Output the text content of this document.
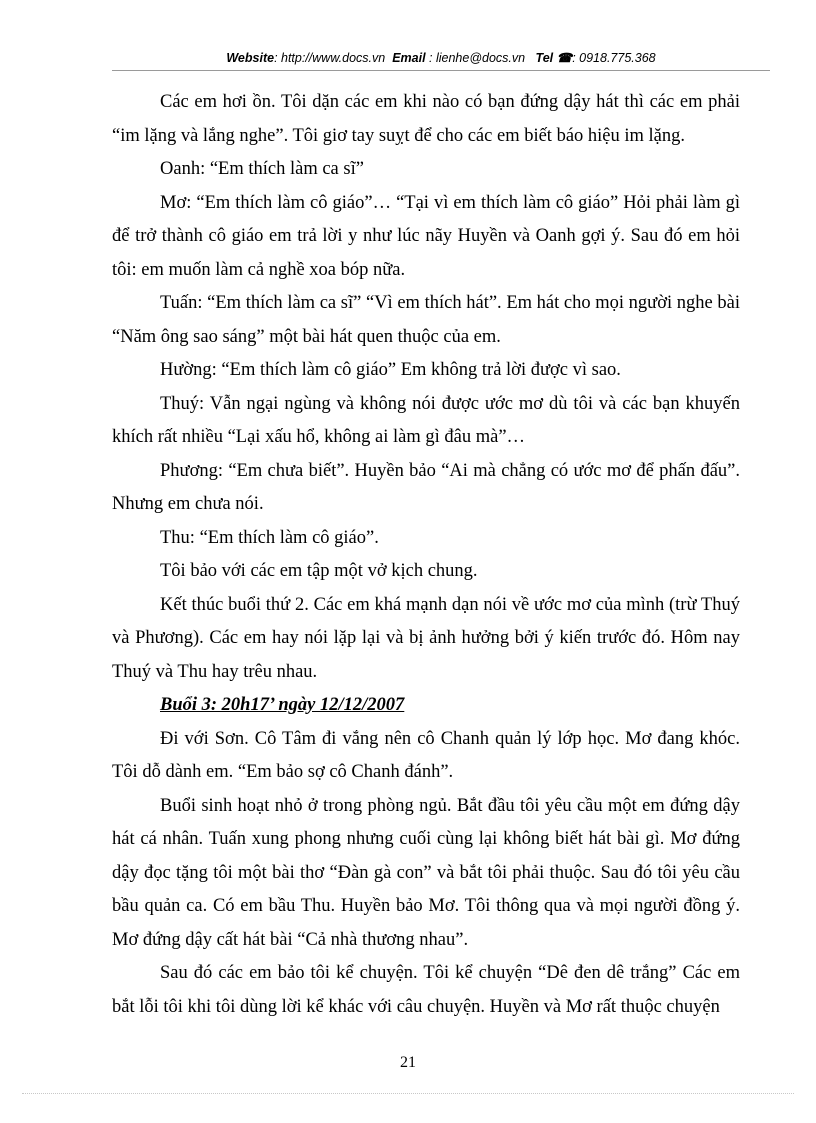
Website: http://www.docs.vn Email : lienhe@docs.vn Tel ☎: 0918.775.368

Các em hơi ồn. Tôi dặn các em khi nào có bạn đứng dậy hát thì các em phải “im lặng và lắng nghe”. Tôi giơ tay suỵt để cho các em biết báo hiệu im lặng.

Oanh: “Em thích làm ca sĩ”

Mơ: “Em thích làm cô giáo”… “Tại vì em thích làm cô giáo” Hỏi phải làm gì để trở thành cô giáo em trả lời y như lúc nãy Huyền và Oanh gợi ý. Sau đó em hỏi tôi: em muốn làm cả nghề xoa bóp nữa.

Tuấn: “Em thích làm ca sĩ” “Vì em thích hát”. Em hát cho mọi người nghe bài “Năm ông sao sáng” một bài hát quen thuộc của em.

Hường: “Em thích làm cô giáo” Em không trả lời được vì sao.

Thuý: Vẫn ngại ngùng và không nói được ước mơ dù tôi và các bạn khuyến khích rất nhiều “Lại xấu hổ, không ai làm gì đâu mà”…

Phương: “Em chưa biết”. Huyền bảo “Ai mà chẳng có ước mơ để phấn đấu”. Nhưng em chưa nói.

Thu: “Em thích làm cô giáo”.

Tôi bảo với các em tập một vở kịch chung.

Kết thúc buổi thứ 2. Các em khá mạnh dạn nói về ước mơ của mình (trừ Thuý và Phương). Các em hay nói lặp lại và bị ảnh hưởng bởi ý kiến trước đó. Hôm nay Thuý và Thu hay trêu nhau.

Buổi 3: 20h17’ ngày 12/12/2007

Đi với Sơn. Cô Tâm đi vắng nên cô Chanh quản lý lớp học. Mơ đang khóc. Tôi dỗ dành em. “Em bảo sợ cô Chanh đánh”.

Buổi sinh hoạt nhỏ ở trong phòng ngủ. Bắt đầu tôi yêu cầu một em đứng dậy hát cá nhân. Tuấn xung phong nhưng cuối cùng lại không biết hát bài gì. Mơ đứng dậy đọc tặng tôi một bài thơ “Đàn gà con” và bắt tôi phải thuộc. Sau đó tôi yêu cầu bầu quản ca. Có em bầu Thu. Huyền bảo Mơ. Tôi thông qua và mọi người đồng ý. Mơ đứng dậy cất hát bài “Cả nhà thương nhau”.

Sau đó các em bảo tôi kể chuyện. Tôi kể chuyện “Dê đen dê trắng” Các em bắt lỗi tôi khi tôi dùng lời kể khác với câu chuyện. Huyền và Mơ rất thuộc chuyện

21
